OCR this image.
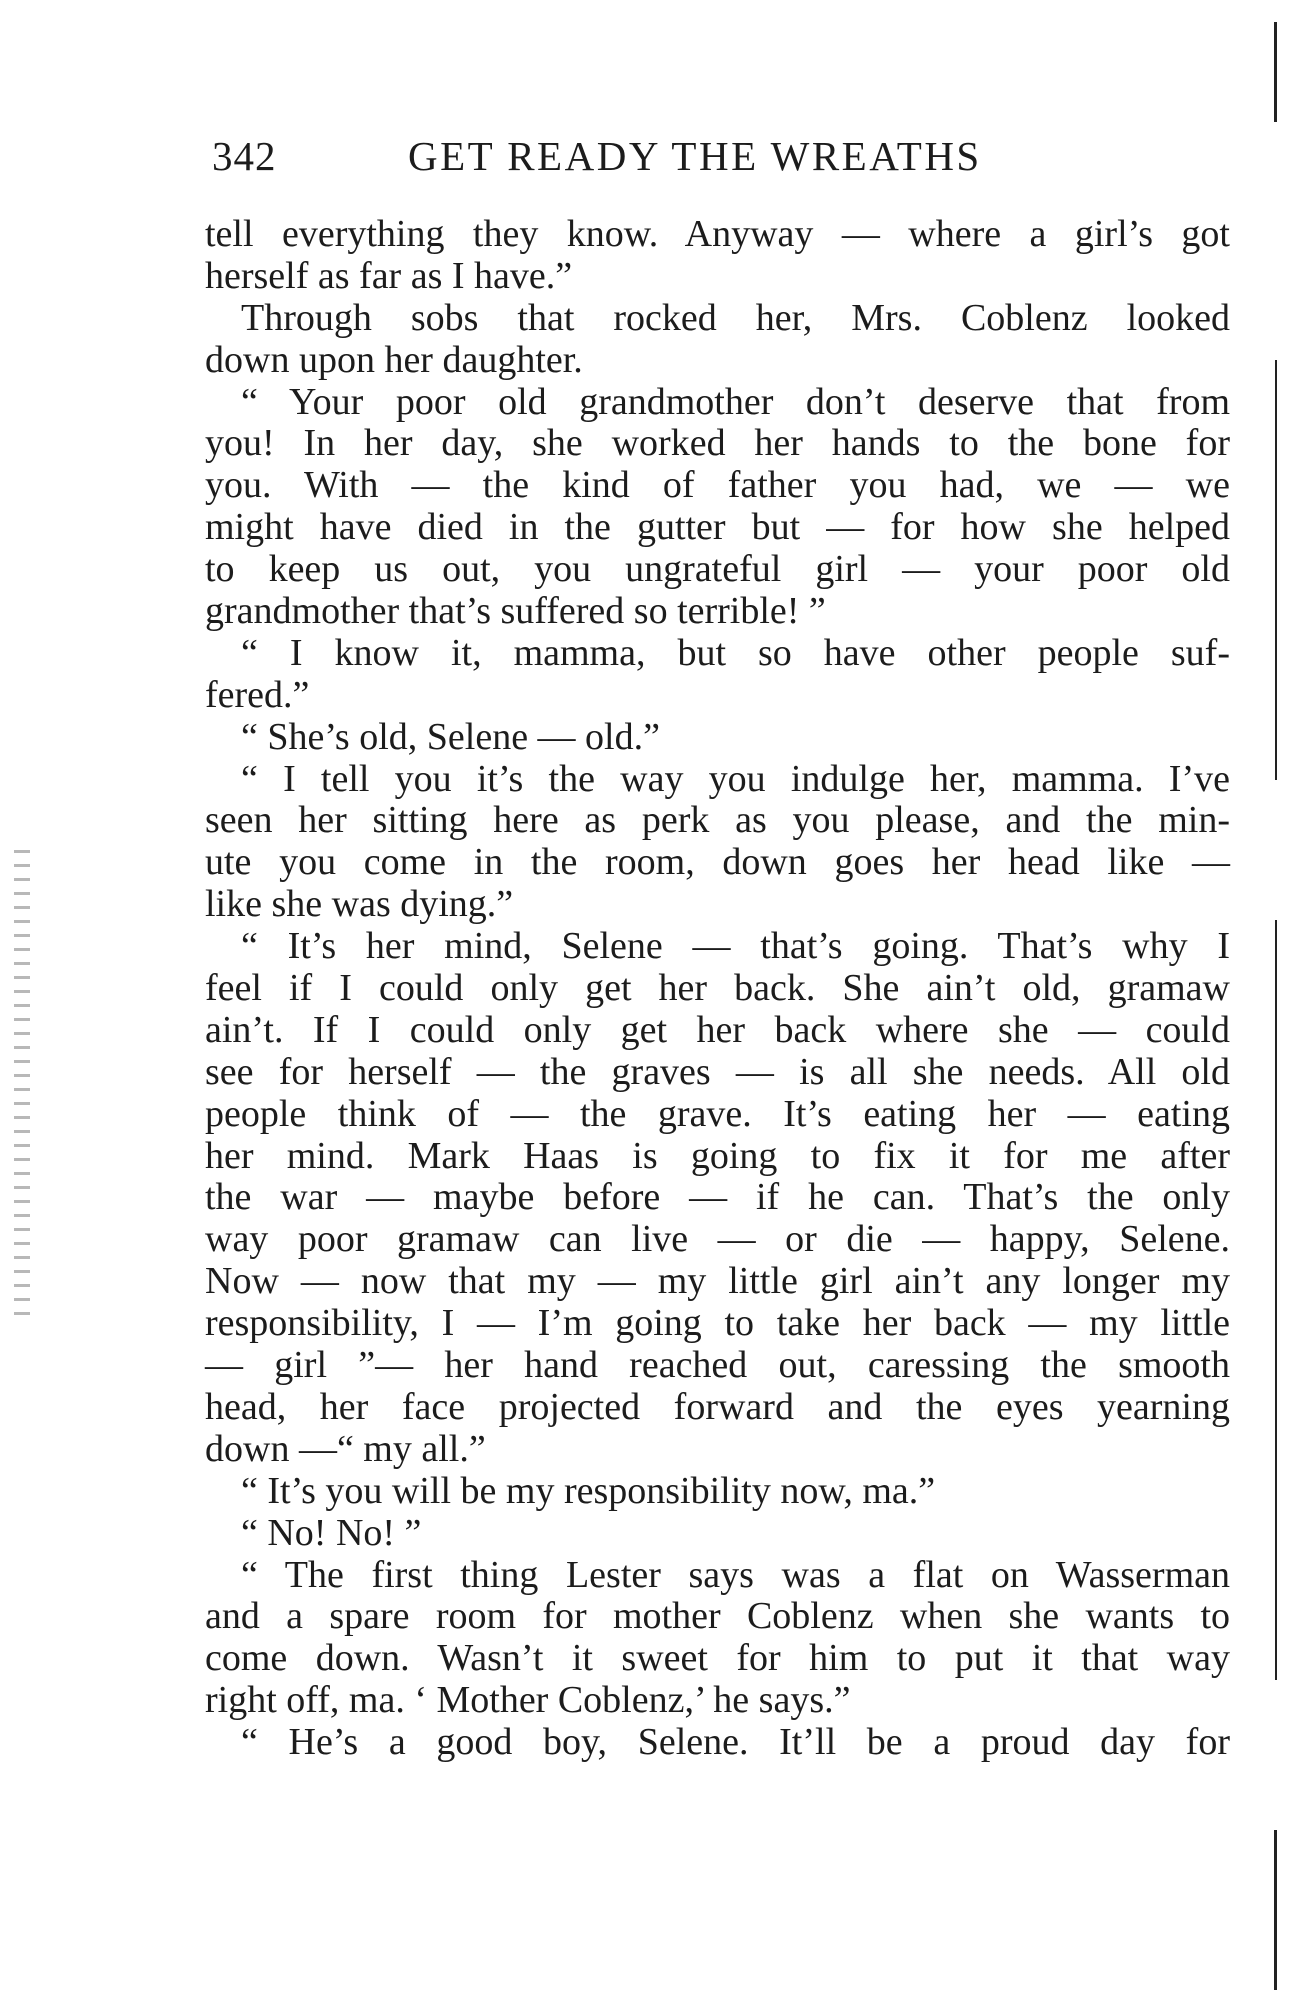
342	GET READY THE WREATHS
tell everything they know. Anyway — where a girl’s got
herself as far as I have.”
Through sobs that rocked her, Mrs. Coblenz looked
down upon her daughter.
“ Your poor old grandmother don’t deserve that from
you! In her day, she worked her hands to the bone for
you. With — the kind of father you had, we — we
might have died in the gutter but — for how she helped
to keep us out, you ungrateful girl — your poor old
grandmother that’s suffered so terrible! ”
“ I know it, mamma, but so have other people suf-
fered.”
“ She’s old, Selene — old.”
“ I tell you it’s the way you indulge her, mamma. I’ve
seen her sitting here as perk as you please, and the min-
ute you come in the room, down goes her head like —
like she was dying.”
“ It’s her mind, Selene — that’s going. That’s why I
feel if I could only get her back. She ain’t old, gramaw
ain’t. If I could only get her back where she — could
see for herself — the graves — is all she needs. All old
people think of — the grave. It’s eating her — eating
her mind. Mark Haas is going to fix it for me after
the war — maybe before — if he can. That’s the only
way poor gramaw can live — or die — happy, Selene.
Now — now that my — my little girl ain’t any longer my
responsibility, I — I’m going to take her back — my little
— girl ”— her hand reached out, caressing the smooth
head, her face projected forward and the eyes yearning
down —“ my all.”
“ It’s you will be my responsibility now, ma.”
“ No! No! ”
“ The first thing Lester says was a flat on Wasserman
and a spare room for mother Coblenz when she wants to
come down. Wasn’t it sweet for him to put it that way
right off, ma. ‘ Mother Coblenz,’ he says.”
“ He’s a good boy, Selene. It’ll be a proud day for
